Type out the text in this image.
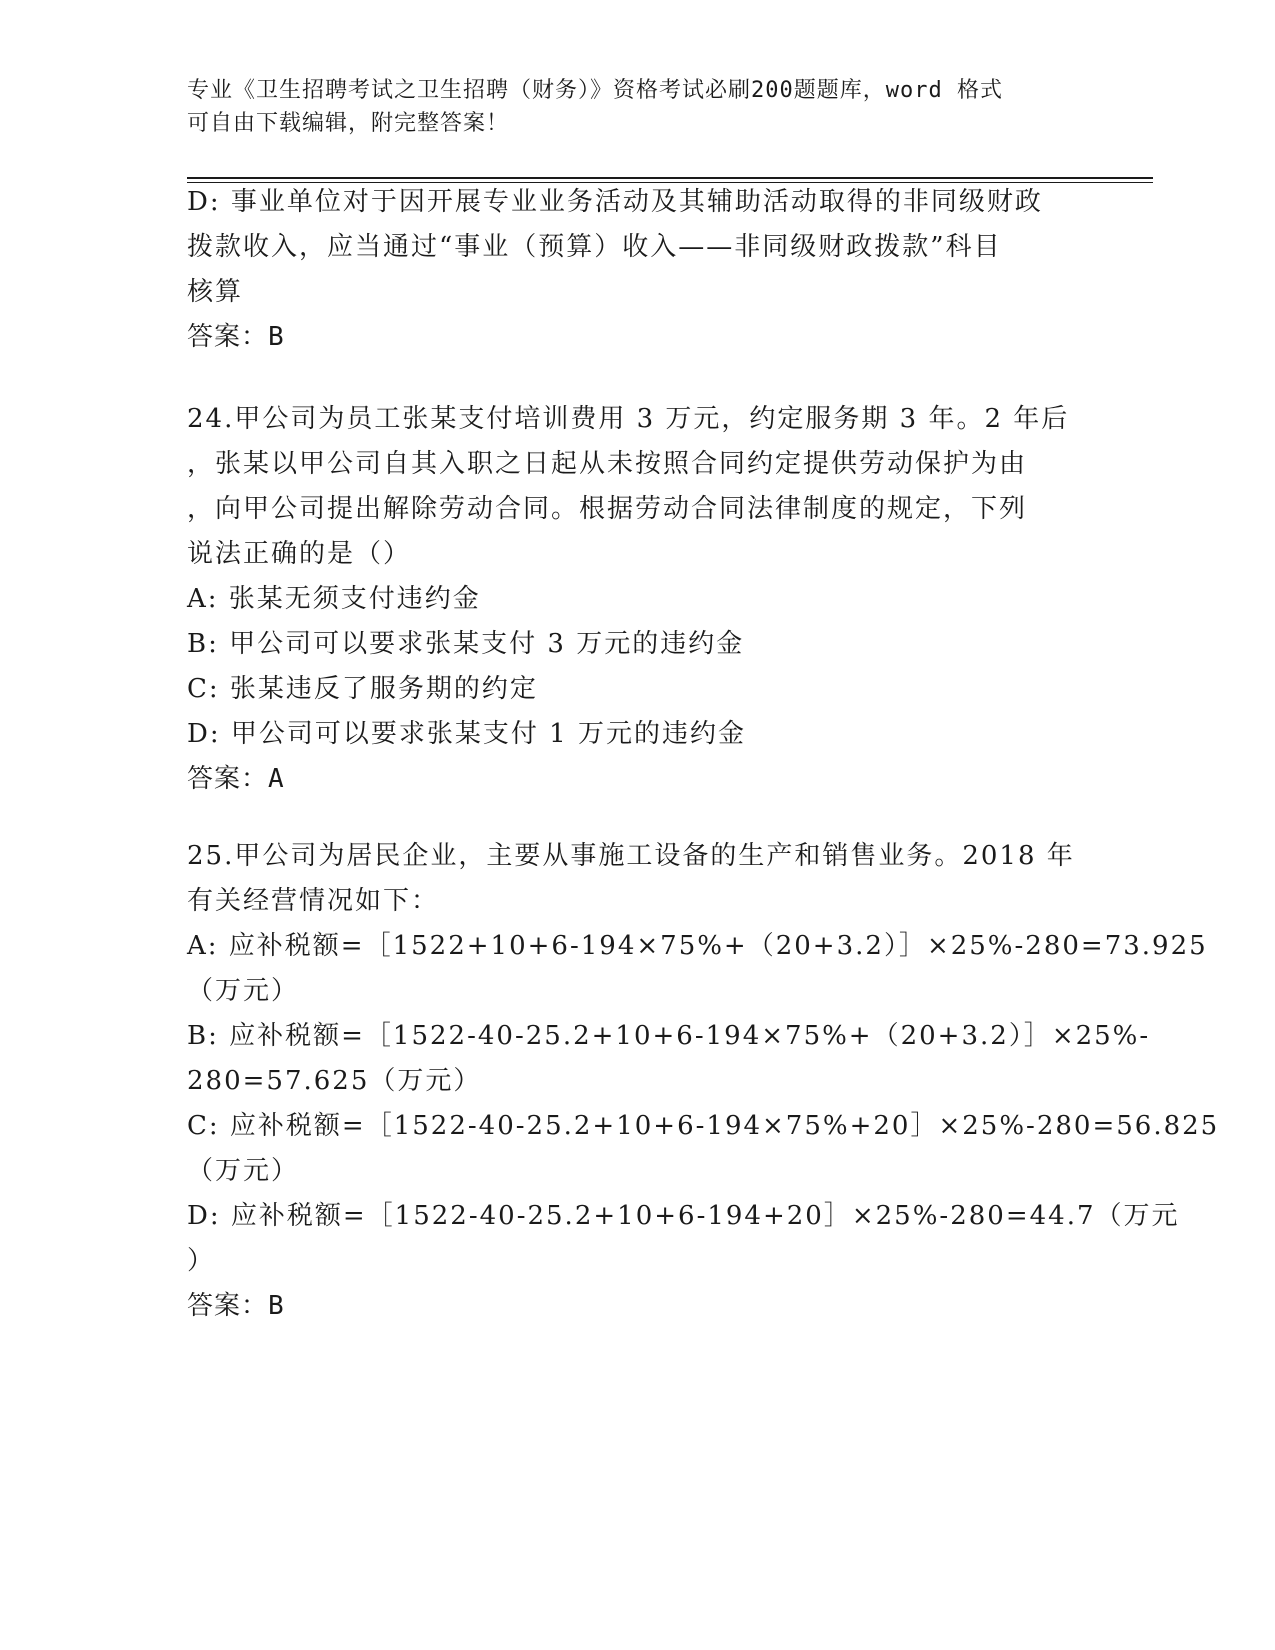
专业《卫生招聘考试之卫生招聘（财务）》资格考试必刷200题题库，word 格式
可自由下载编辑，附完整答案！
D: 事业单位对于因开展专业业务活动及其辅助活动取得的非同级财政
拨款收入，应当通过“事业（预算）收入——非同级财政拨款”科目
核算
答案：B
24.甲公司为员工张某支付培训费用 3 万元，约定服务期 3 年。2 年后
，张某以甲公司自其入职之日起从未按照合同约定提供劳动保护为由
，向甲公司提出解除劳动合同。根据劳动合同法律制度的规定，下列
说法正确的是（）
A: 张某无须支付违约金
B: 甲公司可以要求张某支付 3 万元的违约金
C: 张某违反了服务期的约定
D: 甲公司可以要求张某支付 1 万元的违约金
答案：A
25.甲公司为居民企业，主要从事施工设备的生产和销售业务。2018 年
有关经营情况如下：
A: 应补税额=［1522+10+6-194×75%+（20+3.2）］×25%-280=73.925
（万元）
B: 应补税额=［1522-40-25.2+10+6-194×75%+（20+3.2）］×25%-
280=57.625（万元）
C: 应补税额=［1522-40-25.2+10+6-194×75%+20］×25%-280=56.825
（万元）
D: 应补税额=［1522-40-25.2+10+6-194+20］×25%-280=44.7（万元
）
答案：B
